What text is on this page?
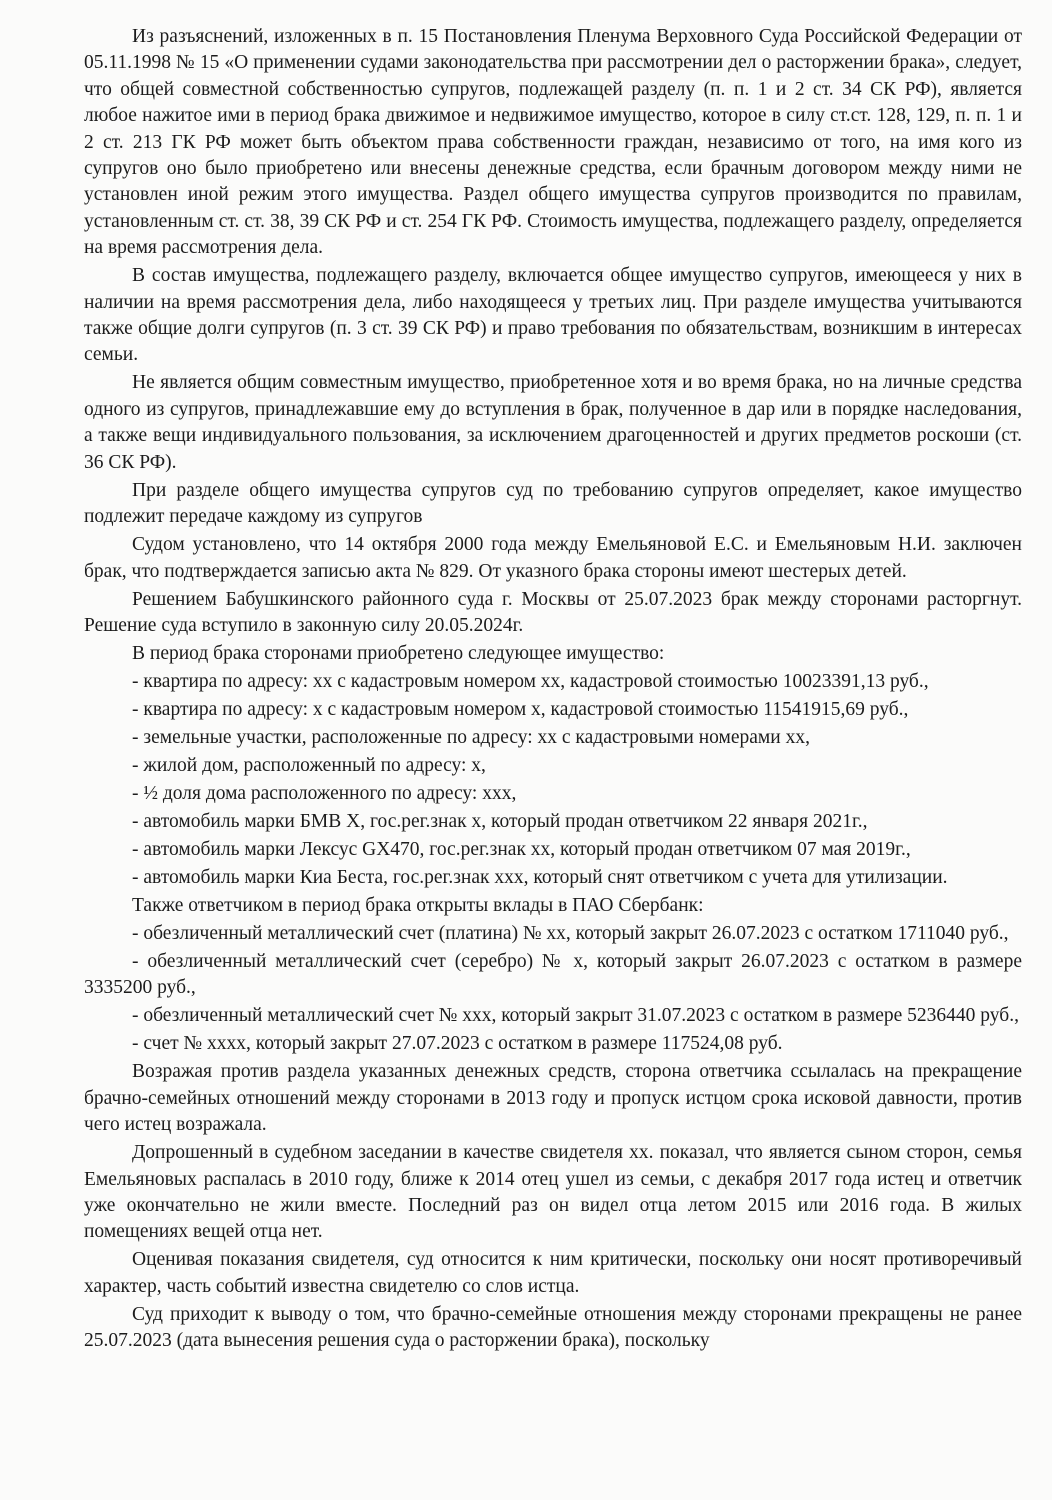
Из разъяснений, изложенных в п. 15 Постановления Пленума Верховного Суда Российской Федерации от 05.11.1998 № 15 «О применении судами законодательства при рассмотрении дел о расторжении брака», следует, что общей совместной собственностью супругов, подлежащей разделу (п. п. 1 и 2 ст. 34 СК РФ), является любое нажитое ими в период брака движимое и недвижимое имущество, которое в силу ст.ст. 128, 129, п. п. 1 и 2 ст. 213 ГК РФ может быть объектом права собственности граждан, независимо от того, на имя кого из супругов оно было приобретено или внесены денежные средства, если брачным договором между ними не установлен иной режим этого имущества. Раздел общего имущества супругов производится по правилам, установленным ст. ст. 38, 39 СК РФ и ст. 254 ГК РФ. Стоимость имущества, подлежащего разделу, определяется на время рассмотрения дела.

В состав имущества, подлежащего разделу, включается общее имущество супругов, имеющееся у них в наличии на время рассмотрения дела, либо находящееся у третьих лиц. При разделе имущества учитываются также общие долги супругов (п. 3 ст. 39 СК РФ) и право требования по обязательствам, возникшим в интересах семьи.

Не является общим совместным имущество, приобретенное хотя и во время брака, но на личные средства одного из супругов, принадлежавшие ему до вступления в брак, полученное в дар или в порядке наследования, а также вещи индивидуального пользования, за исключением драгоценностей и других предметов роскоши (ст. 36 СК РФ).

При разделе общего имущества супругов суд по требованию супругов определяет, какое имущество подлежит передаче каждому из супругов

Судом установлено, что 14 октября 2000 года между Емельяновой Е.С. и Емельяновым Н.И. заключен брак, что подтверждается записью акта № 829. От указного брака стороны имеют шестерых детей.

Решением Бабушкинского районного суда г. Москвы от 25.07.2023 брак между сторонами расторгнут. Решение суда вступило в законную силу 20.05.2024г.

В период брака сторонами приобретено следующее имущество:

- квартира по адресу: хх с кадастровым номером хх, кадастровой стоимостью 10023391,13 руб.,

- квартира по адресу: х с кадастровым номером х, кадастровой стоимостью 11541915,69 руб.,

- земельные участки, расположенные по адресу: хх с кадастровыми номерами хх,

- жилой дом, расположенный по адресу: х,

- ½ доля дома расположенного по адресу: ххх,

- автомобиль марки БМВ Х, гос.рег.знак х, который продан ответчиком 22 января 2021г.,

- автомобиль марки Лексус GX470, гос.рег.знак хх, который продан ответчиком 07 мая 2019г.,

- автомобиль марки Киа Беста, гос.рег.знак ххх, который снят ответчиком с учета для утилизации.

Также ответчиком в период брака открыты вклады в ПАО Сбербанк:

- обезличенный металлический счет (платина) № хх, который закрыт 26.07.2023 с остатком 1711040 руб.,

- обезличенный металлический счет (серебро) № х, который закрыт 26.07.2023 с остатком в размере 3335200 руб.,

- обезличенный металлический счет № ххх, который закрыт 31.07.2023 с остатком в размере 5236440 руб.,

- счет № хххх, который закрыт 27.07.2023 с остатком в размере 117524,08 руб.

Возражая против раздела указанных денежных средств, сторона ответчика ссылалась на прекращение брачно-семейных отношений между сторонами в 2013 году и пропуск истцом срока исковой давности, против чего истец возражала.

Допрошенный в судебном заседании в качестве свидетеля хх. показал, что является сыном сторон, семья Емельяновых распалась в 2010 году, ближе к 2014 отец ушел из семьи, с декабря 2017 года истец и ответчик уже окончательно не жили вместе. Последний раз он видел отца летом 2015 или 2016 года. В жилых помещениях вещей отца нет.

Оценивая показания свидетеля, суд относится к ним критически, поскольку они носят противоречивый характер, часть событий известна свидетелю со слов истца.

Суд приходит к выводу о том, что брачно-семейные отношения между сторонами прекращены не ранее 25.07.2023 (дата вынесения решения суда о расторжении брака), поскольку
